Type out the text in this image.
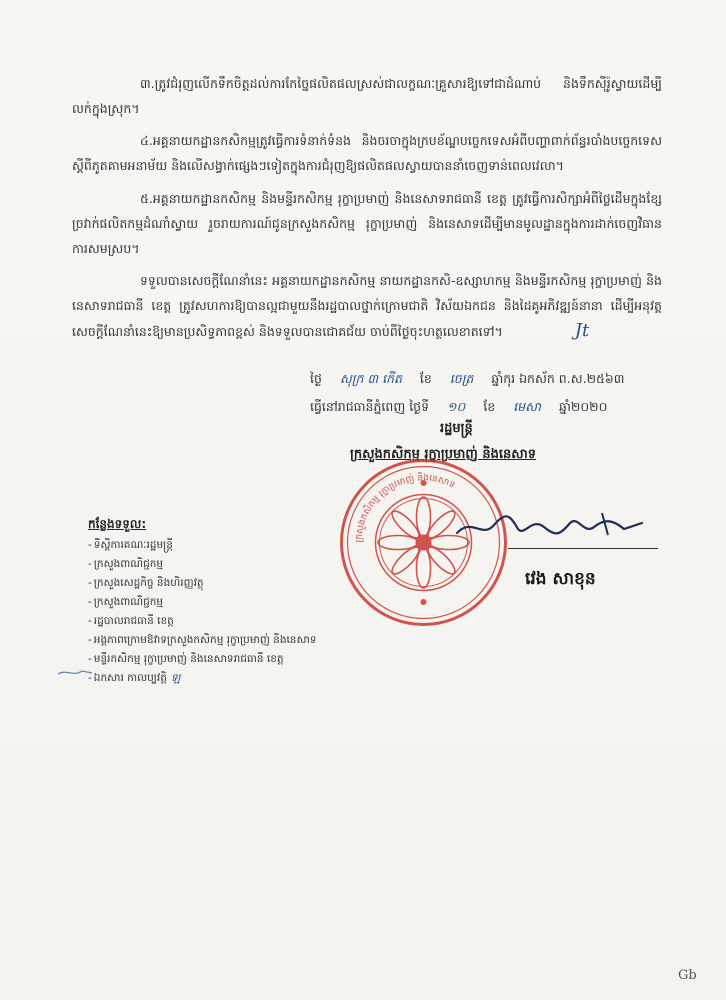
៣.ត្រូវជំរុញលើកទឹកចិត្តដល់ការកែច្នៃផលិតផលស្រស់ជាលក្ខណៈគ្រួសារឱ្យទៅជាដំណាប់ និងទឹកស៊ីរ៉ូស្វាយដើម្បីលក់ក្នុងស្រុក។

៤.អគ្គនាយកដ្ឋានកសិកម្មត្រូវធ្វើការទំនាក់ទំនង និងចរចាក្នុងក្របខ័ណ្ឌបច្ចេកទេសអំពីបញ្ហាពាក់ព័ន្ធរបាំងបច្ចេកទេសស្ដីពីភូតគាមអនាម័យ និងលើសង្វាក់ផ្សេងៗទៀតក្នុងការជំរុញឱ្យផលិតផលស្វាយបាននាំចេញទាន់ពេលវេលា។

៥.អគ្គនាយកដ្ឋានកសិកម្ម និងមន្ទីរកសិកម្ម រុក្ខាប្រមាញ់ និងនេសាទរាជធានី ខេត្ត ត្រូវធ្វើការសិក្សាអំពីថ្លៃដើមក្នុងខ្សែច្រវាក់ផលិតកម្មដំណាំស្វាយ រួចរាយការណ៍ជូនក្រសួងកសិកម្ម រុក្ខាប្រមាញ់ និងនេសាទដើម្បីមានមូលដ្ឋានក្នុងការដាក់ចេញវិធានការសមស្រប។

ទទួលបានសេចក្តីណែនាំនេះ អគ្គនាយកដ្ឋានកសិកម្ម នាយកដ្ឋានកសិ-ឧស្សាហកម្ម និងមន្ទីរកសិកម្ម រុក្ខាប្រមាញ់ និងនេសាទរាជធានី ខេត្ត ត្រូវសហការឱ្យបានល្អជាមួយនឹងរដ្ឋបាលថ្នាក់ក្រោមជាតិ វិស័យឯកជន និងដៃគូអភិវឌ្ឍន៍នានា ដើម្បីអនុវត្តសេចក្តីណែនាំនេះឱ្យមានប្រសិទ្ធភាពខ្ពស់ និងទទួលបានជោគជ័យ ចាប់ពីថ្ងៃចុះហត្ថលេខាតទៅ។	Jt

ថ្ងៃ សុក្រ ៣ កើត ខែ ចេត្រ ឆ្នាំកុរ ឯកស័ក ព.ស.២៥៦៣
ធ្វើនៅរាជធានីភ្នំពេញ ថ្ងៃទី ១០ ខែ មេសា ឆ្នាំ២០២០
រដ្ឋមន្ត្រី
ក្រសួងកសិកម្ម រុក្ខាប្រមាញ់ និងនេសាទ
ក្រសួងកសិកម្ម រុក្ខាប្រមាញ់ និងនេសាទ
វេង សាខុន
កន្លែងទទួល:
- ទីស្តីការគណៈរដ្ឋមន្ត្រី
- ក្រសួងពាណិជ្ជកម្ម
- ក្រសួងសេដ្ឋកិច្ច និងហិរញ្ញវត្ថុ
- ក្រសួងពាណិជ្ជកម្ម
- រដ្ឋបាលរាជធានី ខេត្ត
- អង្គភាពក្រោមឱវាទក្រសួងកសិកម្ម រុក្ខាប្រមាញ់ និងនេសាទ
- មន្ទីរកសិកម្ម រុក្ខាប្រមាញ់ និងនេសាទរាជធានី ខេត្ត
- ឯកសារ កាលប្បវត្តិ ឡ
Gb
